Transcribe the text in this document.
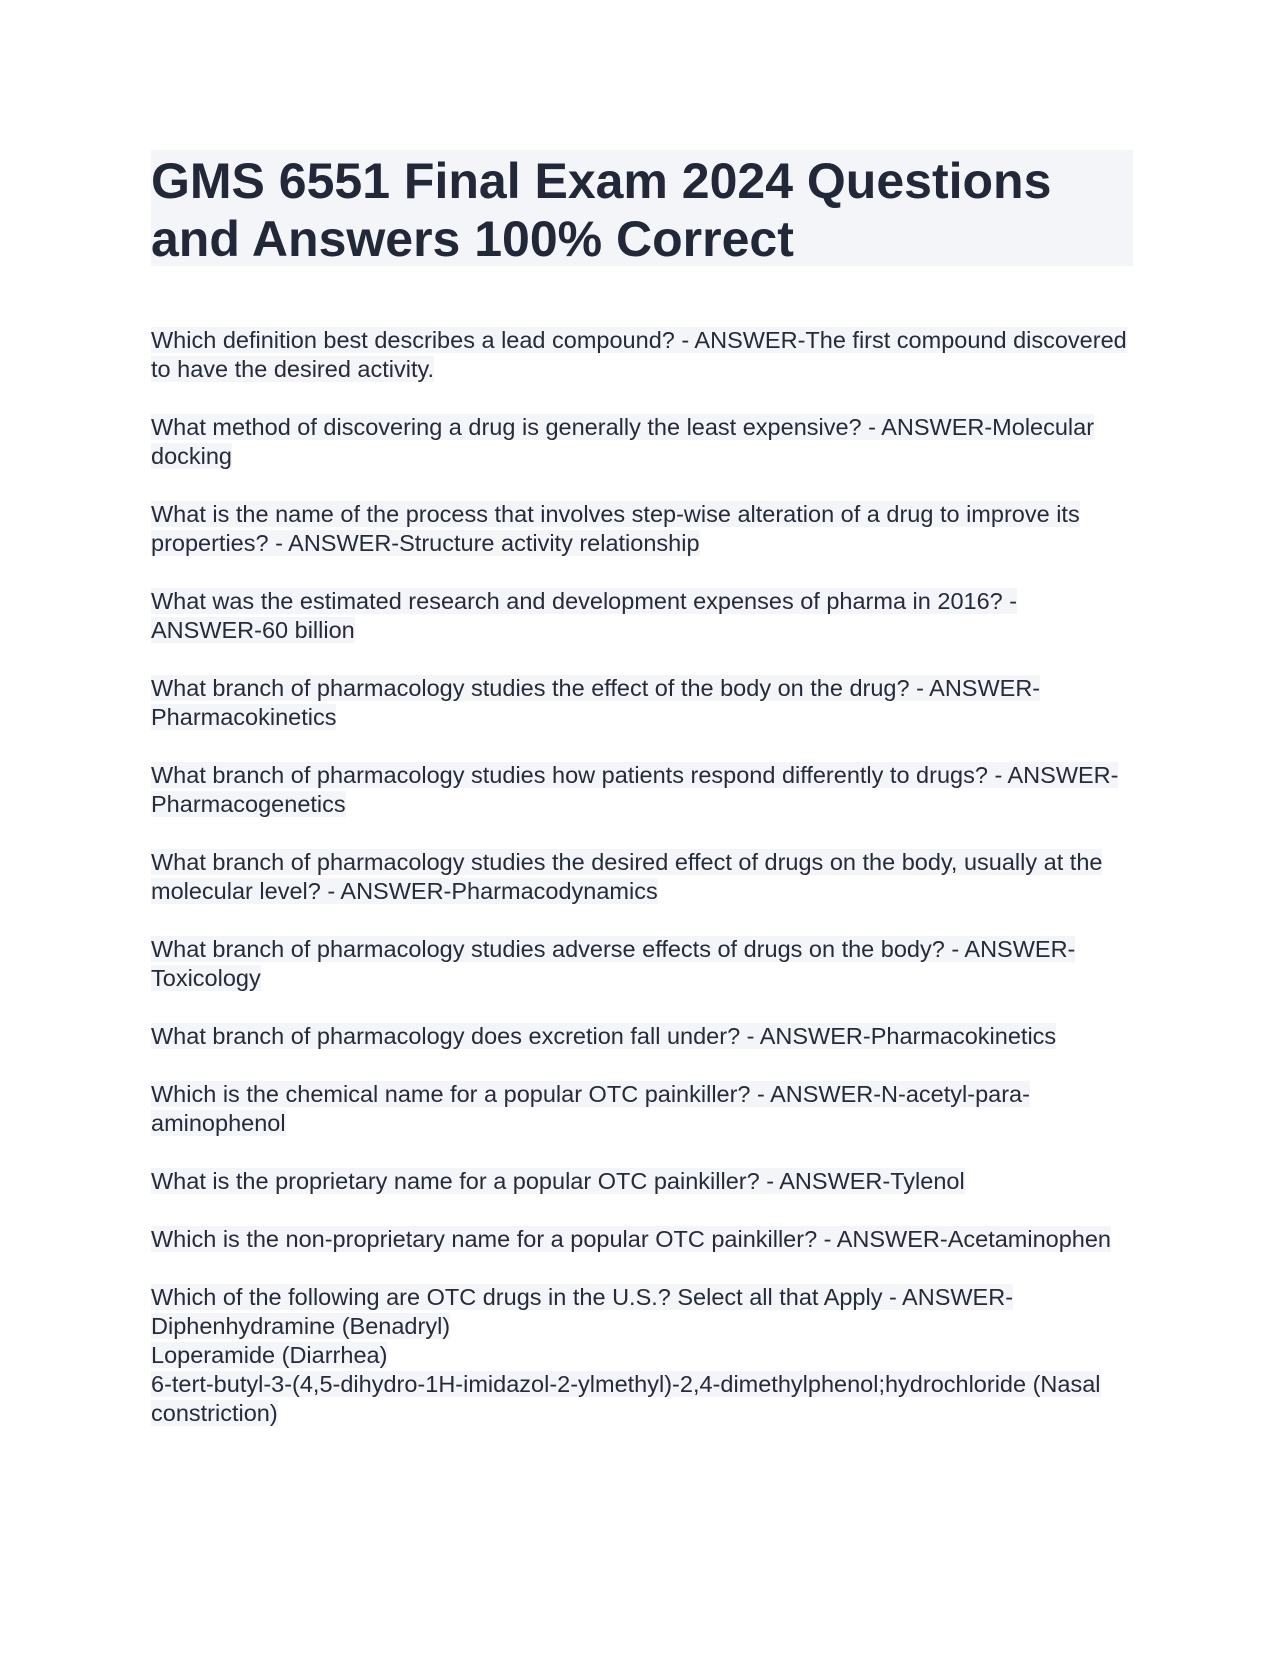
GMS 6551 Final Exam 2024 Questions and Answers 100% Correct

Which definition best describes a lead compound? - ANSWER-The first compound discovered to have the desired activity.

What method of discovering a drug is generally the least expensive? - ANSWER-Molecular docking

What is the name of the process that involves step-wise alteration of a drug to improve its properties? - ANSWER-Structure activity relationship

What was the estimated research and development expenses of pharma in 2016? - ANSWER-60 billion

What branch of pharmacology studies the effect of the body on the drug? - ANSWER-Pharmacokinetics

What branch of pharmacology studies how patients respond differently to drugs? - ANSWER-Pharmacogenetics

What branch of pharmacology studies the desired effect of drugs on the body, usually at the molecular level? - ANSWER-Pharmacodynamics

What branch of pharmacology studies adverse effects of drugs on the body? - ANSWER-Toxicology

What branch of pharmacology does excretion fall under? - ANSWER-Pharmacokinetics

Which is the chemical name for a popular OTC painkiller? - ANSWER-N-acetyl-para-aminophenol

What is the proprietary name for a popular OTC painkiller? - ANSWER-Tylenol

Which is the non-proprietary name for a popular OTC painkiller? - ANSWER-Acetaminophen

Which of the following are OTC drugs in the U.S.? Select all that Apply - ANSWER-Diphenhydramine (Benadryl)
Loperamide (Diarrhea)
6-tert-butyl-3-(4,5-dihydro-1H-imidazol-2-ylmethyl)-2,4-dimethylphenol;hydrochloride (Nasal constriction)
